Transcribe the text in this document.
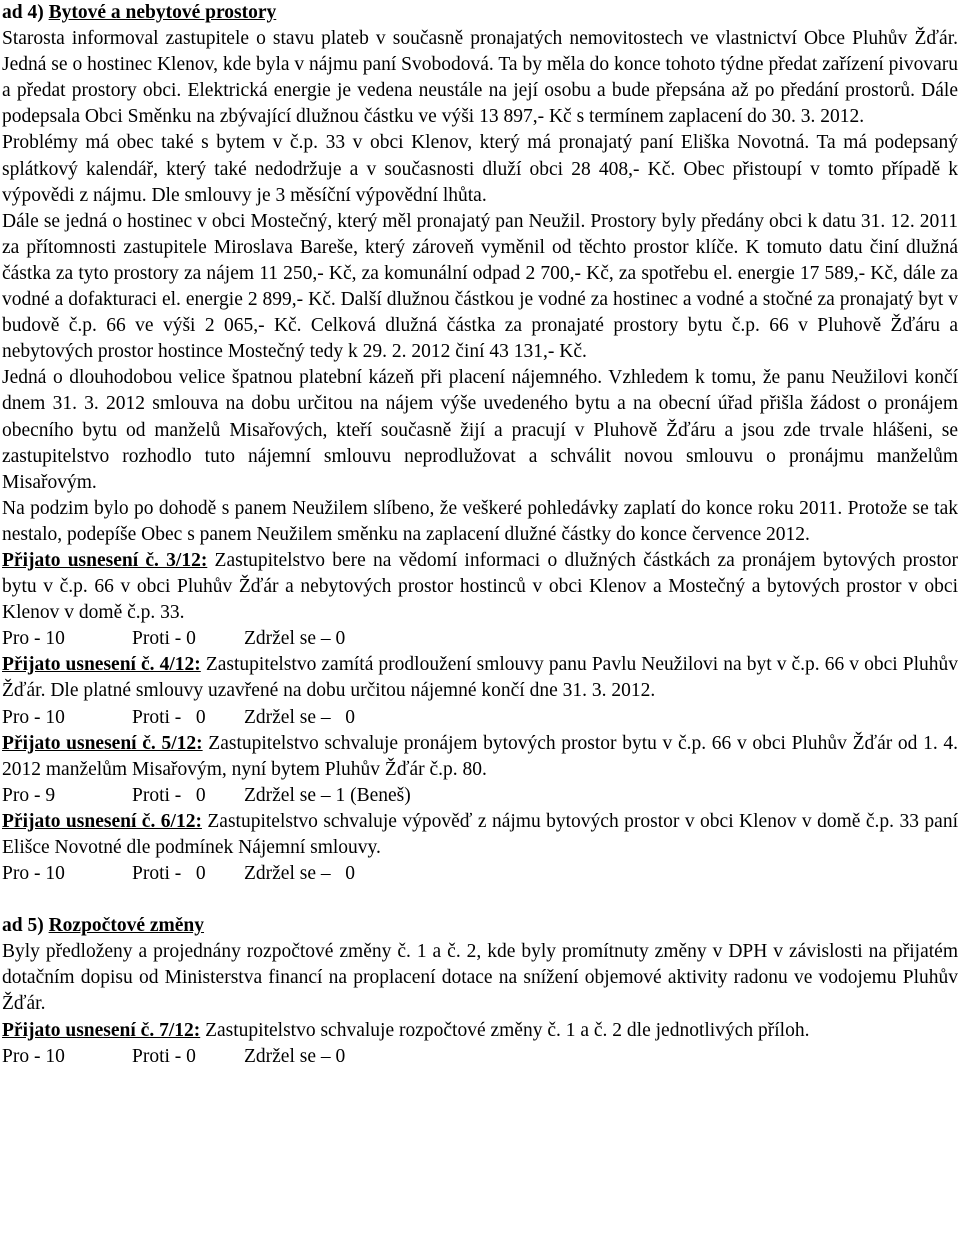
ad 4) Bytové a nebytové prostory

Starosta informoval zastupitele o stavu plateb v současně pronajatých nemovitostech ve vlastnictví Obce Pluhův Žďár. Jedná se o hostinec Klenov, kde byla v nájmu paní Svobodová. Ta by měla do konce tohoto týdne předat zařízení pivovaru a předat prostory obci. Elektrická energie je vedena neustále na její osobu a bude přepsána až po předání prostorů. Dále podepsala Obci Směnku na zbývající dlužnou částku ve výši 13 897,- Kč s termínem zaplacení do 30. 3. 2012.

Problémy má obec také s bytem v č.p. 33 v obci Klenov, který má pronajatý paní Eliška Novotná. Ta má podepsaný splátkový kalendář, který také nedodržuje a v současnosti dluží obci 28 408,- Kč. Obec přistoupí v tomto případě k výpovědi z nájmu. Dle smlouvy je 3 měsíční výpovědní lhůta.

Dále se jedná o hostinec v obci Mostečný, který měl pronajatý pan Neužil. Prostory byly předány obci k datu 31. 12. 2011 za přítomnosti zastupitele Miroslava Bareše, který zároveň vyměnil od těchto prostor klíče. K tomuto datu činí dlužná částka za tyto prostory za nájem 11 250,- Kč, za komunální odpad 2 700,- Kč, za spotřebu el. energie 17 589,- Kč, dále za vodné a dofakturaci el. energie 2 899,- Kč. Další dlužnou částkou je vodné za hostinec a vodné a stočné za pronajatý byt v budově č.p. 66 ve výši 2 065,- Kč. Celková dlužná částka za pronajaté prostory bytu č.p. 66 v Pluhově Žďáru a nebytových prostor hostince Mostečný tedy k 29. 2. 2012 činí 43 131,- Kč.

Jedná o dlouhodobou velice špatnou platební kázeň při placení nájemného. Vzhledem k tomu, že panu Neužilovi končí dnem 31. 3. 2012 smlouva na dobu určitou na nájem výše uvedeného bytu a na obecní úřad přišla žádost o pronájem obecního bytu od manželů Misařových, kteří současně žijí a pracují v Pluhově Žďáru a jsou zde trvale hlášeni, se zastupitelstvo rozhodlo tuto nájemní smlouvu neprodlužovat a schválit novou smlouvu o pronájmu manželům Misařovým.

Na podzim bylo po dohodě s panem Neužilem slíbeno, že veškeré pohledávky zaplatí do konce roku 2011. Protože se tak nestalo, podepíše Obec s panem Neužilem směnku na zaplacení dlužné částky do konce července 2012.

Přijato usnesení č. 3/12: Zastupitelstvo bere na vědomí informaci o dlužných částkách za pronájem bytových prostor bytu v č.p. 66 v obci Pluhův Žďár a nebytových prostor hostinců v obci Klenov a Mostečný a bytových prostor v obci Klenov v domě č.p. 33.

Pro - 10	Proti - 0 Zdržel se – 0

Přijato usnesení č. 4/12: Zastupitelstvo zamítá prodloužení smlouvy panu Pavlu Neužilovi na byt v č.p. 66 v obci Pluhův Žďár. Dle platné smlouvy uzavřené na dobu určitou nájemné končí dne 31. 3. 2012.

Pro - 10	Proti -   0 Zdržel se –   0

Přijato usnesení č. 5/12: Zastupitelstvo schvaluje pronájem bytových prostor bytu v č.p. 66 v obci Pluhův Žďár od 1. 4. 2012 manželům Misařovým, nyní bytem Pluhův Žďár č.p. 80.

Pro - 9	Proti -   0 Zdržel se – 1 (Beneš)

Přijato usnesení č. 6/12: Zastupitelstvo schvaluje výpověď z nájmu bytových prostor v obci Klenov v domě č.p. 33 paní Elišce Novotné dle podmínek Nájemní smlouvy.

Pro - 10	Proti -   0 Zdržel se –   0

ad 5) Rozpočtové změny

Byly předloženy a projednány rozpočtové změny č. 1 a č. 2, kde byly promítnuty změny v DPH v závislosti na přijatém dotačním dopisu od Ministerstva financí na proplacení dotace na snížení objemové aktivity radonu ve vodojemu Pluhův Žďár.

Přijato usnesení č. 7/12: Zastupitelstvo schvaluje rozpočtové změny č. 1 a č. 2 dle jednotlivých příloh.

Pro - 10	Proti - 0 Zdržel se – 0
